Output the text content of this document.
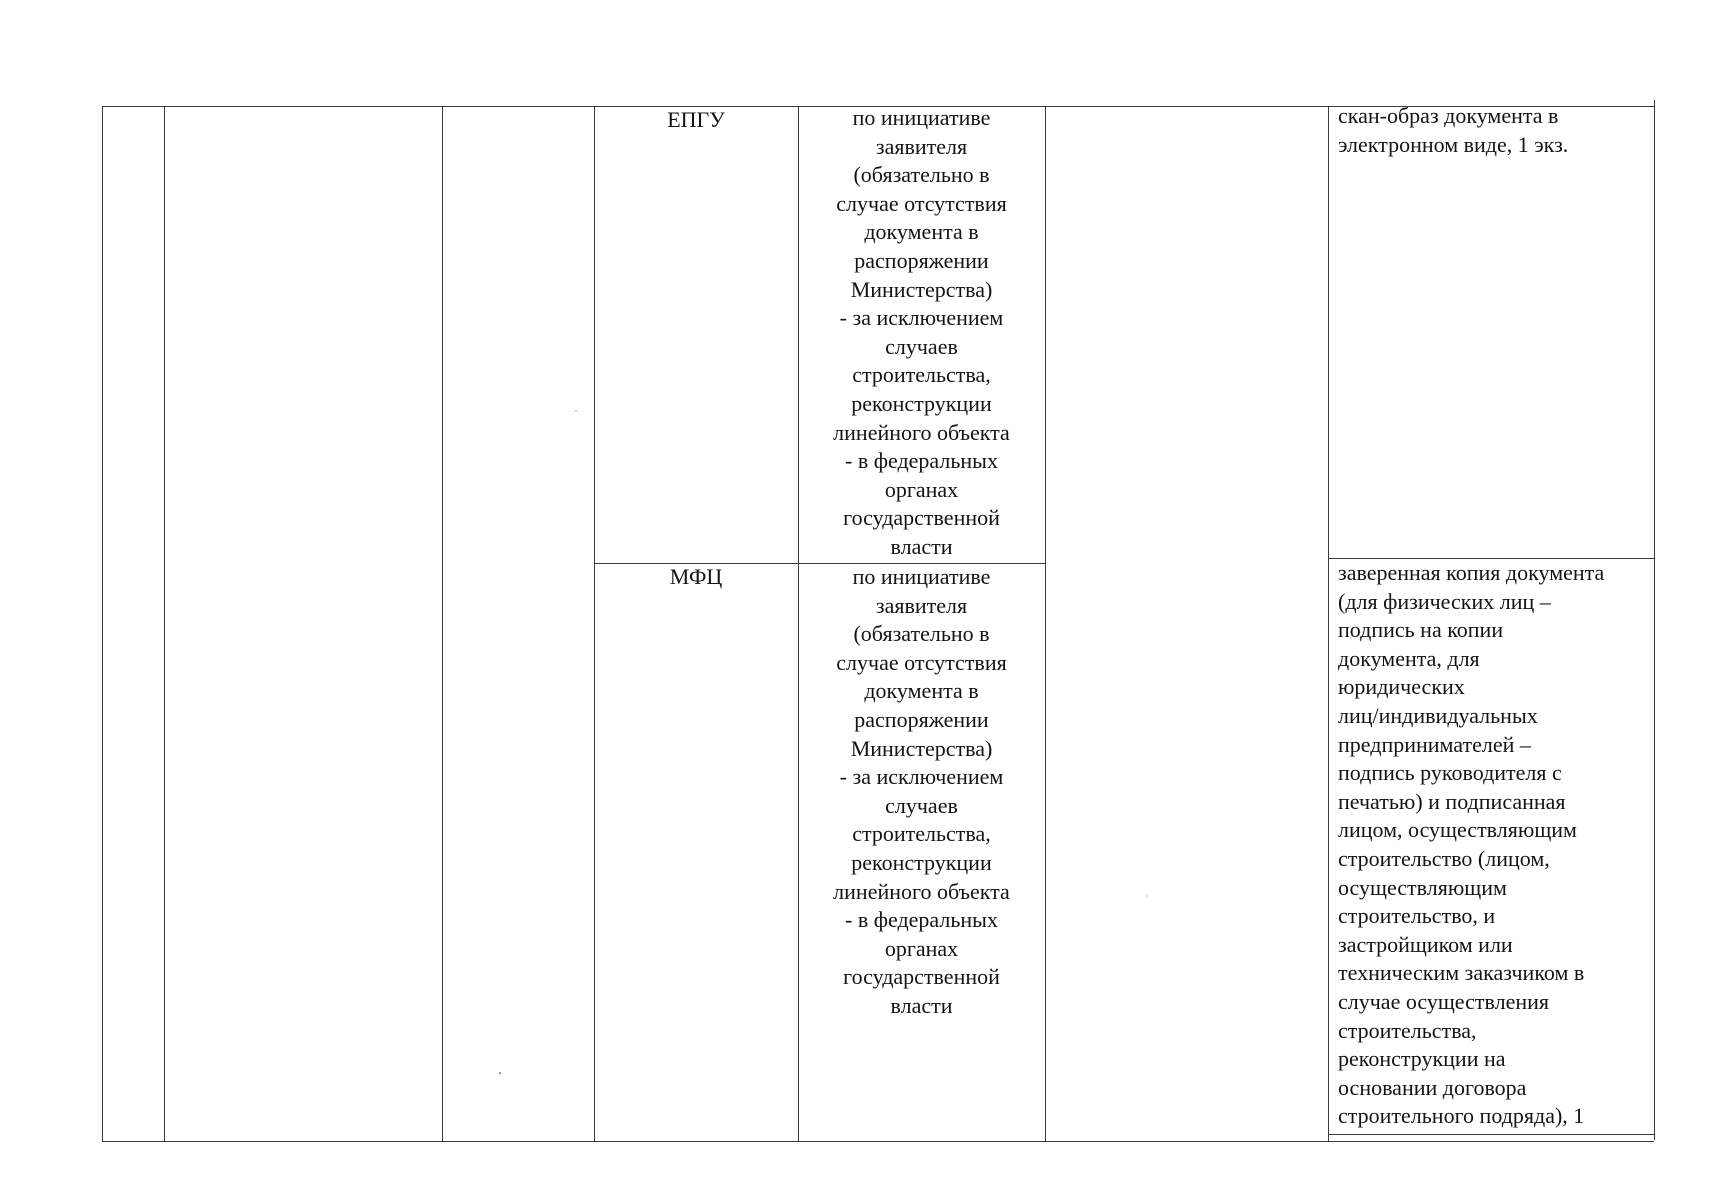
ЕПГУ	по инициативе
заявителя
(обязательно в
случае отсутствия
документа в
распоряжении
Министерства)
- за исключением
случаев
строительства,
реконструкции
линейного объекта
- в федеральных
органах
государственной
власти
скан-образ документа в
электронном виде, 1 экз.
МФЦ	по инициативе
заявителя
(обязательно в
случае отсутствия
документа в
распоряжении
Министерства)
- за исключением
случаев
строительства,
реконструкции
линейного объекта
- в федеральных
органах
государственной
власти
заверенная копия документа
(для физических лиц –
подпись на копии
документа, для
юридических
лиц/индивидуальных
предпринимателей –
подпись руководителя с
печатью) и подписанная
лицом, осуществляющим
строительство (лицом,
осуществляющим
строительство, и
застройщиком или
техническим заказчиком в
случае осуществления
строительства,
реконструкции на
основании договора
строительного подряда), 1
